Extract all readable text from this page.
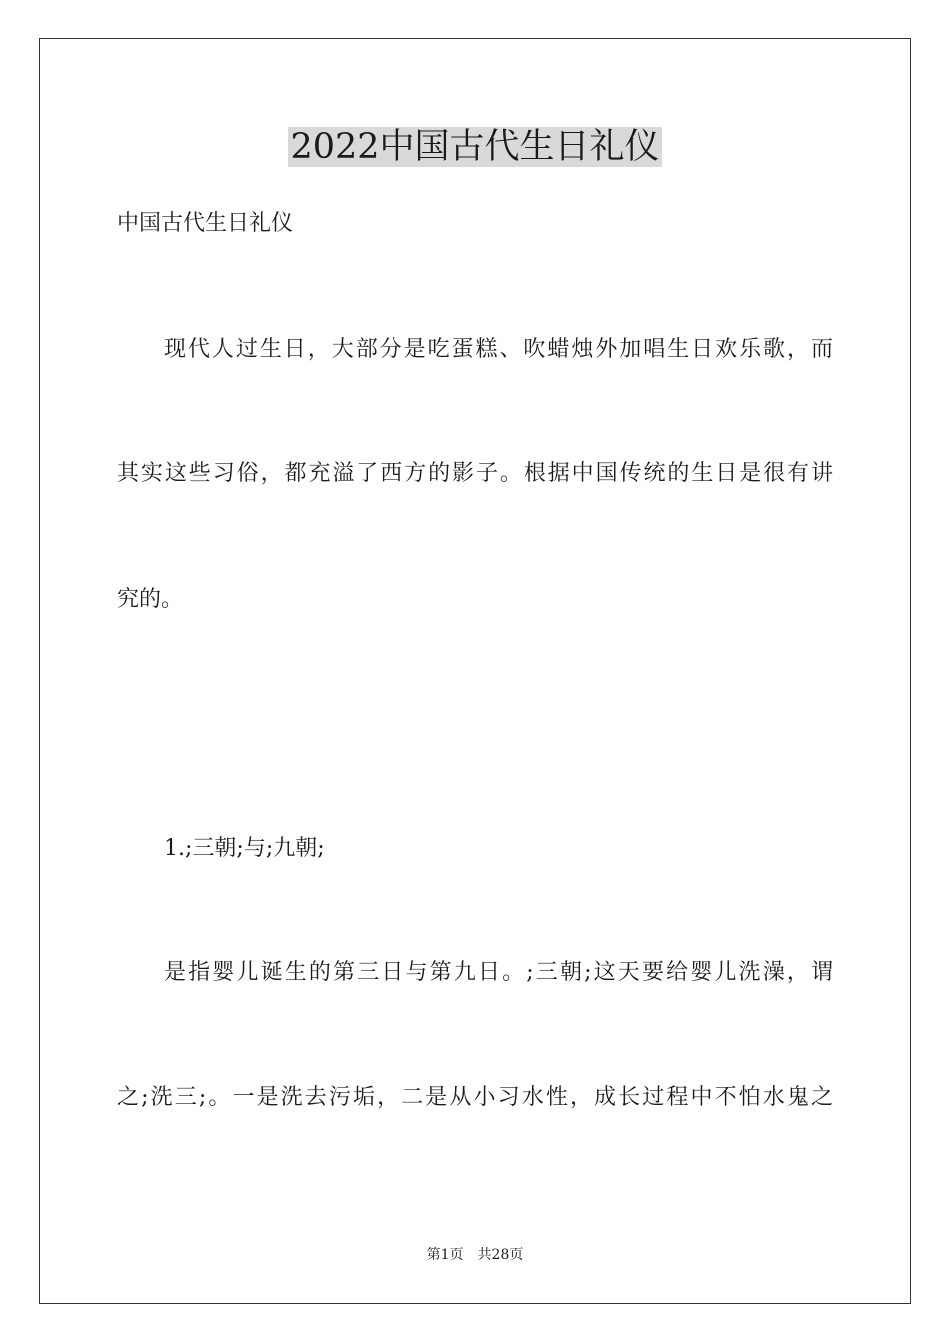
2022中国古代生日礼仪

中国古代生日礼仪

现代人过生日，大部分是吃蛋糕、吹蜡烛外加唱生日欢乐歌，而

其实这些习俗，都充溢了西方的影子。根据中国传统的生日是很有讲

究的。

1.;三朝;与;九朝;

是指婴儿诞生的第三日与第九日。;三朝;这天要给婴儿洗澡，谓

之;洗三;。一是洗去污垢，二是从小习水性，成长过程中不怕水鬼之

第1页 共28页
